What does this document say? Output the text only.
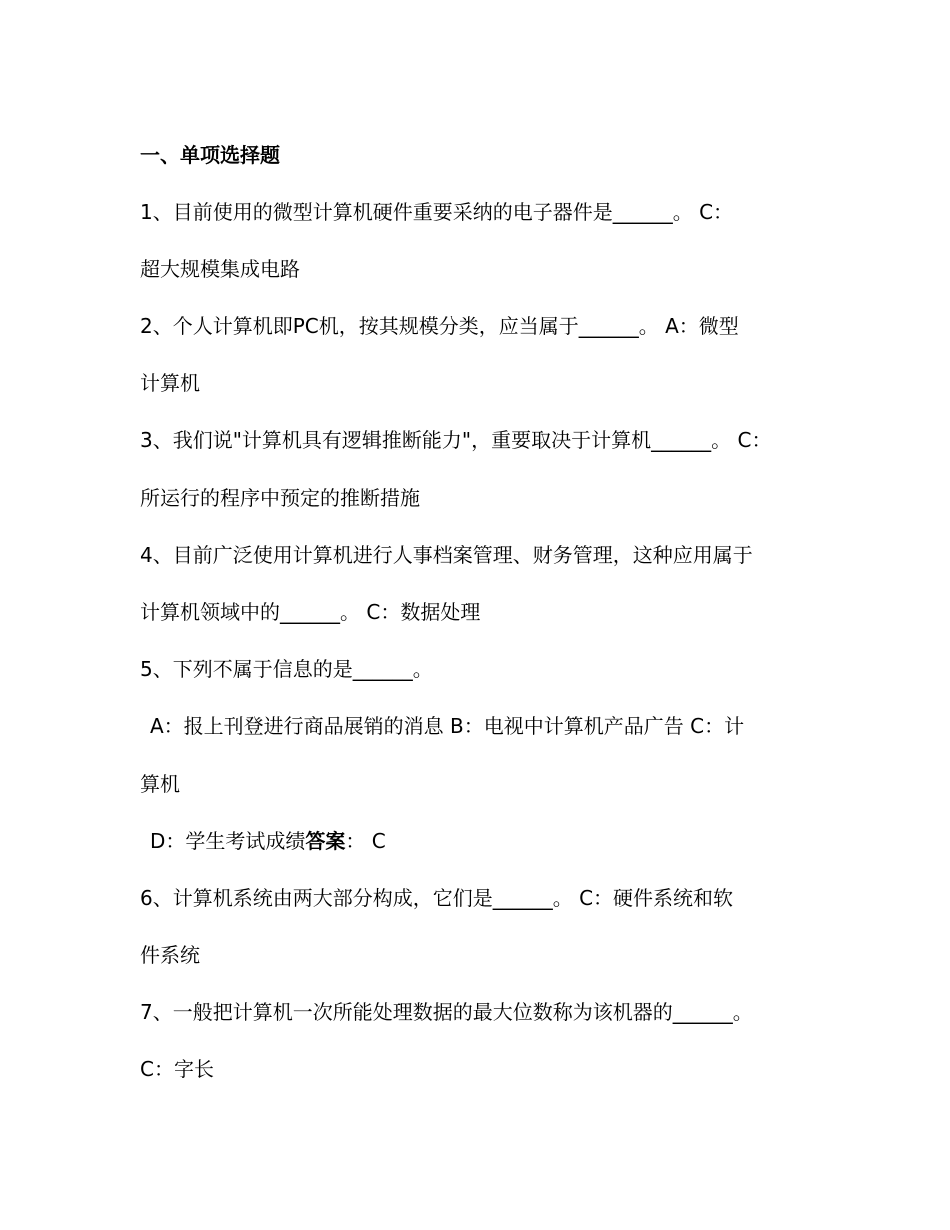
一、单项选择题
1、目前使用的微型计算机硬件重要采纳的电子器件是______。 C：
超大规模集成电路
2、个人计算机即PC机，按其规模分类，应当属于______。 A：微型
计算机
3、我们说"计算机具有逻辑推断能力"，重要取决于计算机______。 C：
所运行的程序中预定的推断措施
4、目前广泛使用计算机进行人事档案管理、财务管理，这种应用属于
计算机领域中的______。 C：数据处理
5、下列不属于信息的是______。
A：报上刊登进行商品展销的消息 B：电视中计算机产品广告 C：计
算机
D：学生考试成绩答案： C
6、计算机系统由两大部分构成，它们是______。 C：硬件系统和软
件系统
7、一般把计算机一次所能处理数据的最大位数称为该机器的______。
C：字长
